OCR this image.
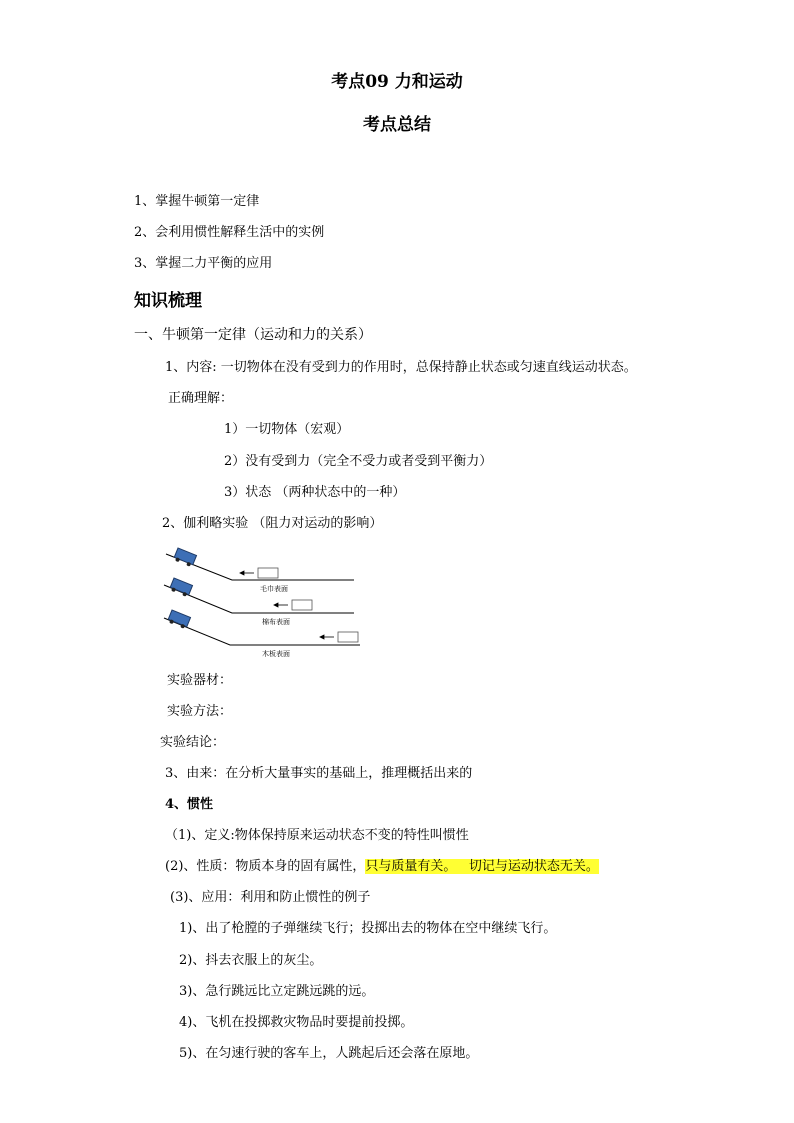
考点09 力和运动
考点总结
1、掌握牛顿第一定律
2、会利用惯性解释生活中的实例
3、掌握二力平衡的应用
知识梳理
一、牛顿第一定律（运动和力的关系）
1、内容: 一切物体在没有受到力的作用时，总保持静止状态或匀速直线运动状态。
正确理解：
1）一切物体（宏观）
2）没有受到力（完全不受力或者受到平衡力）
3）状态 （两种状态中的一种）
2、伽利略实验 （阻力对运动的影响）
毛巾表面
棉布表面
木板表面
实验器材：
实验方法：
实验结论：
3、由来：在分析大量事实的基础上，推理概括出来的
4、惯性
（1)、定义:物体保持原来运动状态不变的特性叫惯性
(2)、性质：物质本身的固有属性，只与质量有关。 切记与运动状态无关。
(3)、应用：利用和防止惯性的例子
1)、出了枪膛的子弹继续飞行；投掷出去的物体在空中继续飞行。
2)、抖去衣服上的灰尘。
3)、急行跳远比立定跳远跳的远。
4)、飞机在投掷救灾物品时要提前投掷。
5)、在匀速行驶的客车上，人跳起后还会落在原地。
